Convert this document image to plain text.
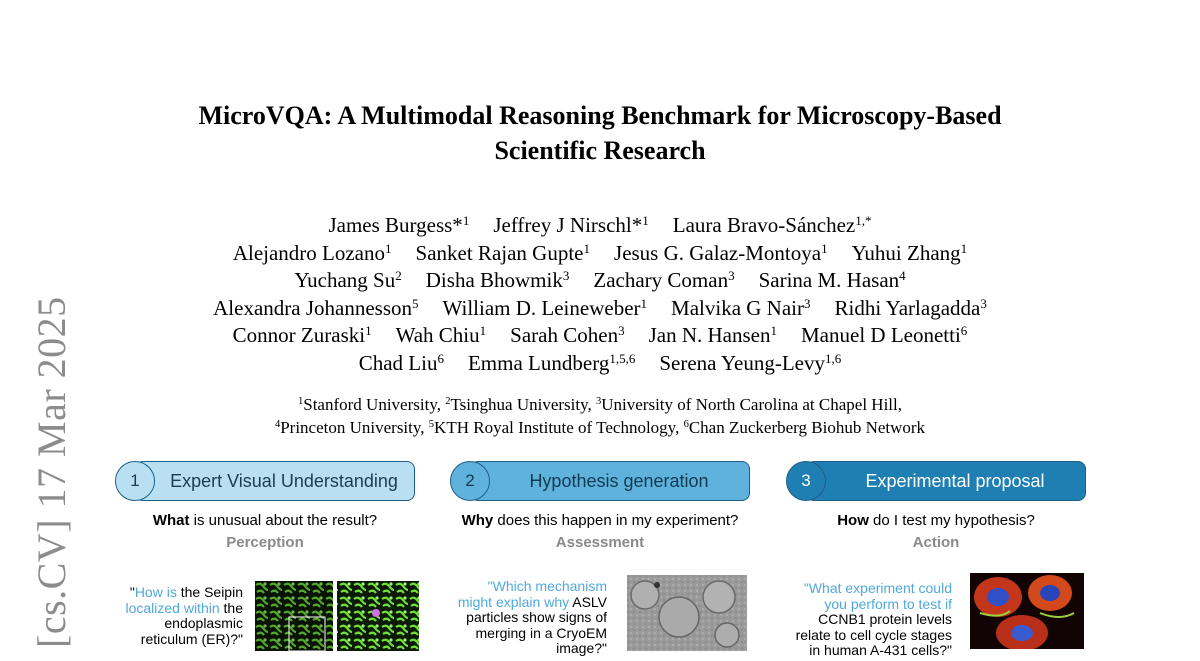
[cs.CV] 17 Mar 2025
MicroVQA: A Multimodal Reasoning Benchmark for Microscopy-Based
Scientific Research
James Burgess*$^1$ Jeffrey J Nirschl*$^1$ Laura Bravo-Sánchez$^{1,*}$
Alejandro Lozano$^1$ Sanket Rajan Gupte$^1$ Jesus G. Galaz-Montoya$^1$ Yuhui Zhang$^1$
Yuchang Su$^2$ Disha Bhowmik$^3$ Zachary Coman$^3$ Sarina M. Hasan$^4$
Alexandra Johannesson$^5$ William D. Leineweber$^1$ Malvika G Nair$^3$ Ridhi Yarlagadda$^3$
Connor Zuraski$^1$ Wah Chiu$^1$ Sarah Cohen$^3$ Jan N. Hansen$^1$ Manuel D Leonetti$^6$
Chad Liu$^6$ Emma Lundberg$^{1,5,6}$ Serena Yeung-Levy$^{1,6}$
$^1$Stanford University, $^2$Tsinghua University, $^3$University of North Carolina at Chapel Hill,
$^4$Princeton University, $^5$KTH Royal Institute of Technology, $^6$Chan Zuckerberg Biohub Network
Expert Visual Understanding
1
What is unusual about the result?
Perception
"How is the Seipin
localized within the
endoplasmic
reticulum (ER)?"
Hypothesis generation
2
Why does this happen in my experiment?
Assessment
"Which mechanism
might explain why ASLV
particles show signs of
merging in a CryoEM
image?"
Experimental proposal
3
How do I test my hypothesis?
Action
"What experiment could
you perform to test if
CCNB1 protein levels
relate to cell cycle stages
in human A-431 cells?"
